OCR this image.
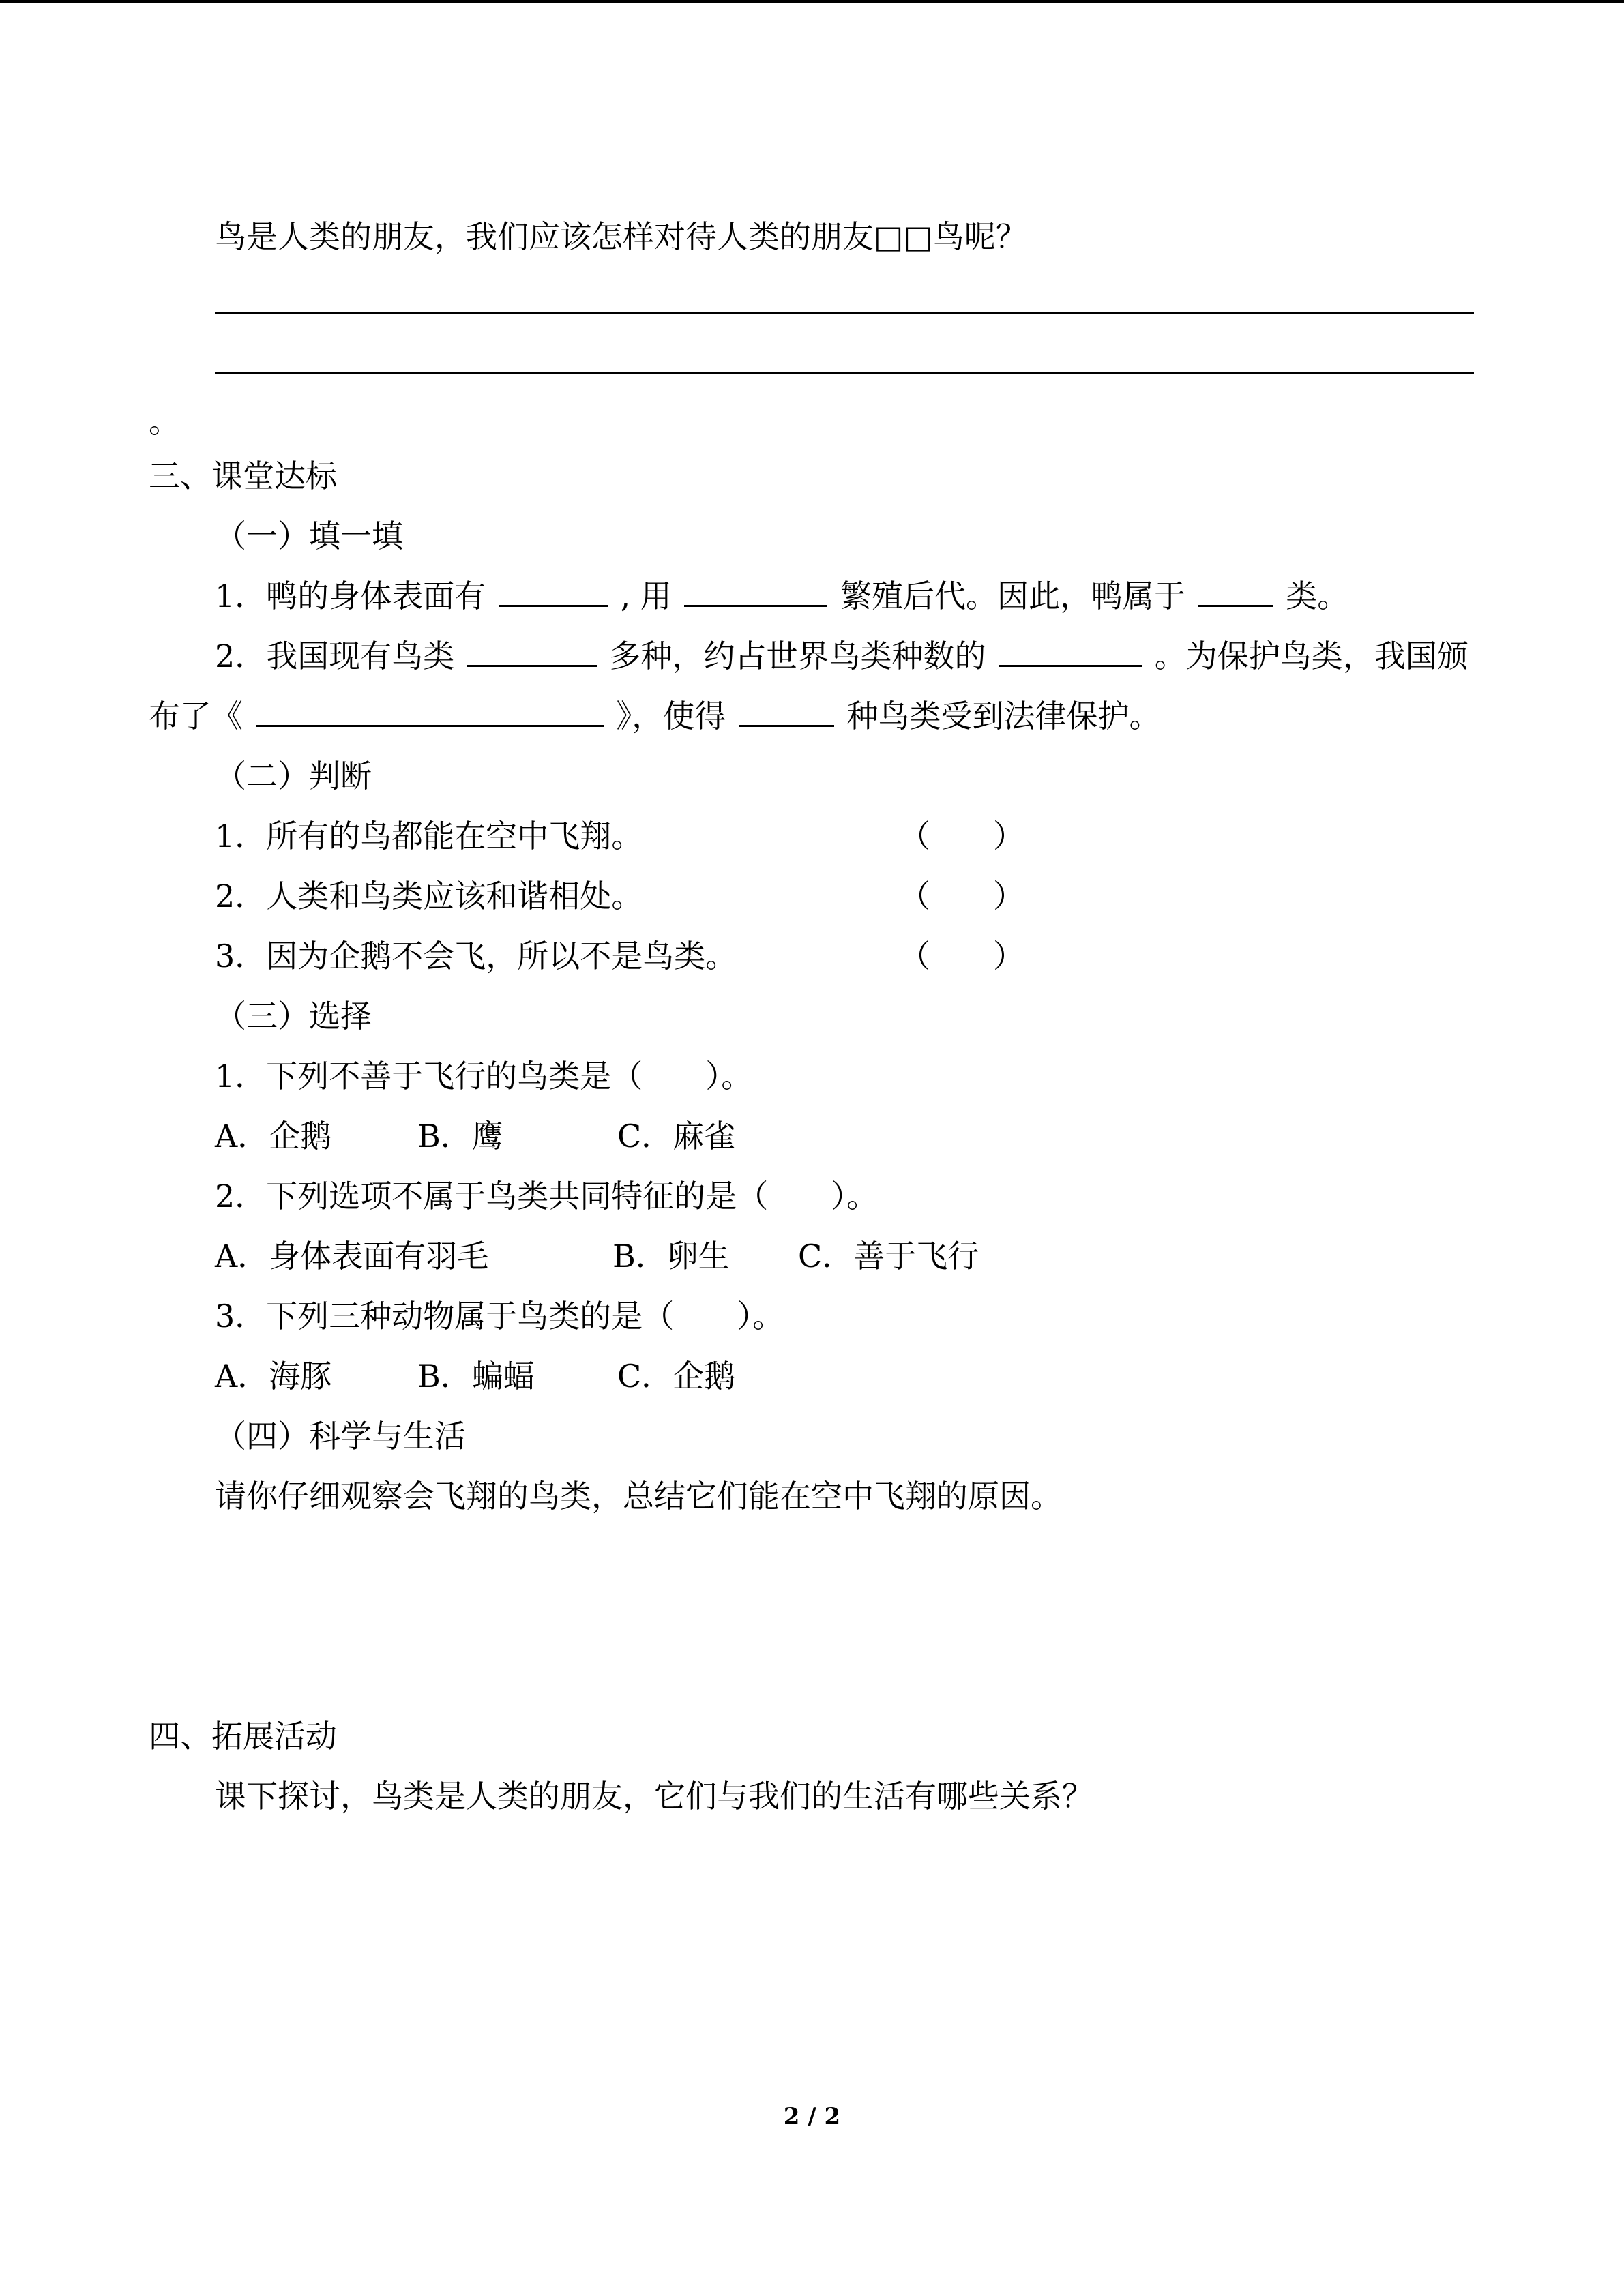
鸟是人类的朋友，我们应该怎样对待人类的朋友□□鸟呢？
。
三、课堂达标
（一）填一填
1．鸭的身体表面有	, 用	繁殖后代。因此，鸭属于	类。
2．我国现有鸟类	多种，约占世界鸟类种数的	。为保护鸟类，我国颁
布了《	》，使得	种鸟类受到法律保护。
（二）判断
1．所有的鸟都能在空中飞翔。	（　　）
2．人类和鸟类应该和谐相处。	（　　）
3．因为企鹅不会飞，所以不是鸟类。	（　　）
（三）选择
1．下列不善于飞行的鸟类是（　　）。
A．企鹅	B．鹰	C．麻雀
2．下列选项不属于鸟类共同特征的是（　　）。
A．身体表面有羽毛	B．卵生 C．善于飞行
3．下列三种动物属于鸟类的是（　　）。
A．海豚	B．蝙蝠	C．企鹅
（四）科学与生活
请你仔细观察会飞翔的鸟类，总结它们能在空中飞翔的原因。
四、拓展活动
课下探讨，鸟类是人类的朋友，它们与我们的生活有哪些关系？
2 / 2
